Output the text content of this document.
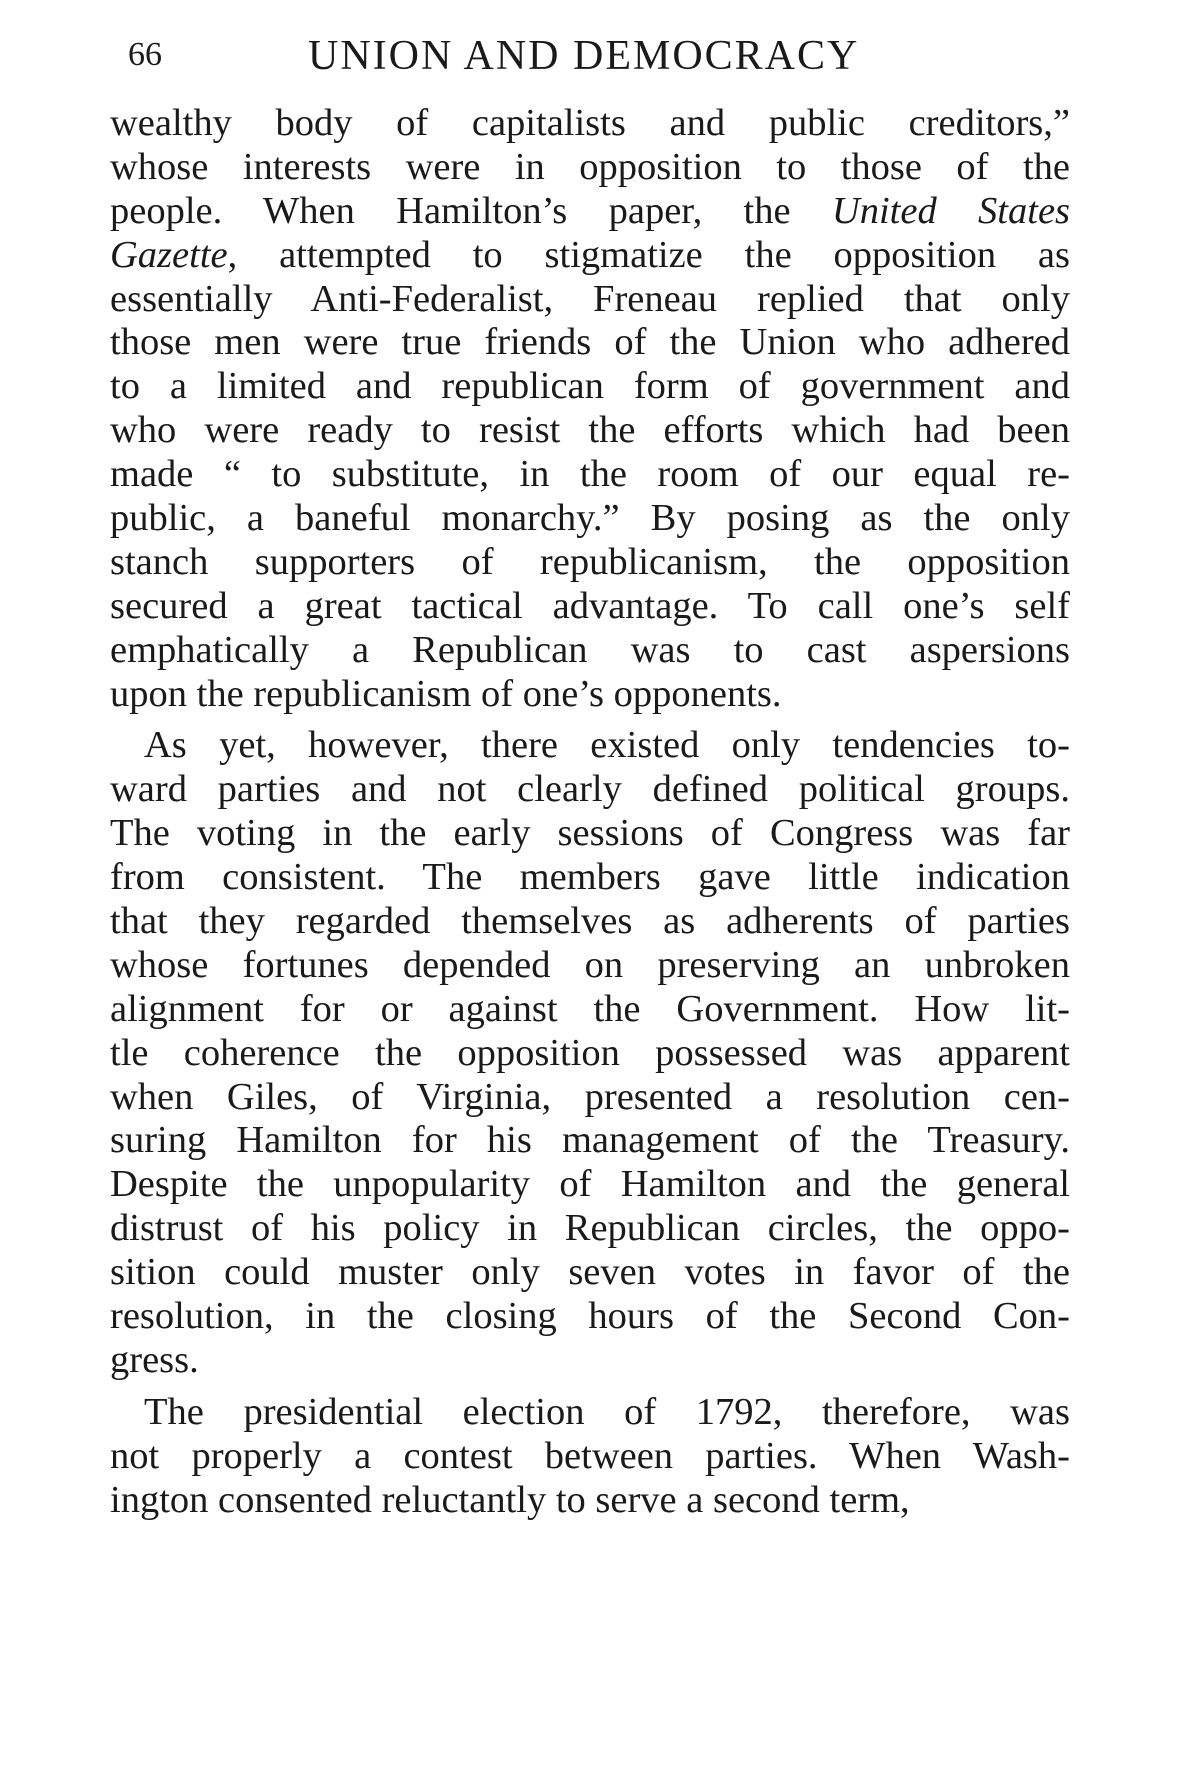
66	UNION AND DEMOCRACY
wealthy body of capitalists and public creditors,”
whose interests were in opposition to those of the
people. When Hamilton’s paper, the United States
Gazette, attempted to stigmatize the opposition as
essentially Anti-Federalist, Freneau replied that only
those men were true friends of the Union who adhered
to a limited and republican form of government and
who were ready to resist the efforts which had been
made “ to substitute, in the room of our equal re-
public, a baneful monarchy.” By posing as the only
stanch supporters of republicanism, the opposition
secured a great tactical advantage. To call one’s self
emphatically a Republican was to cast aspersions
upon the republicanism of one’s opponents.
As yet, however, there existed only tendencies to-
ward parties and not clearly defined political groups.
The voting in the early sessions of Congress was far
from consistent. The members gave little indication
that they regarded themselves as adherents of parties
whose fortunes depended on preserving an unbroken
alignment for or against the Government. How lit-
tle coherence the opposition possessed was apparent
when Giles, of Virginia, presented a resolution cen-
suring Hamilton for his management of the Treasury.
Despite the unpopularity of Hamilton and the general
distrust of his policy in Republican circles, the oppo-
sition could muster only seven votes in favor of the
resolution, in the closing hours of the Second Con-
gress.
The presidential election of 1792, therefore, was
not properly a contest between parties. When Wash-
ington consented reluctantly to serve a second term,
